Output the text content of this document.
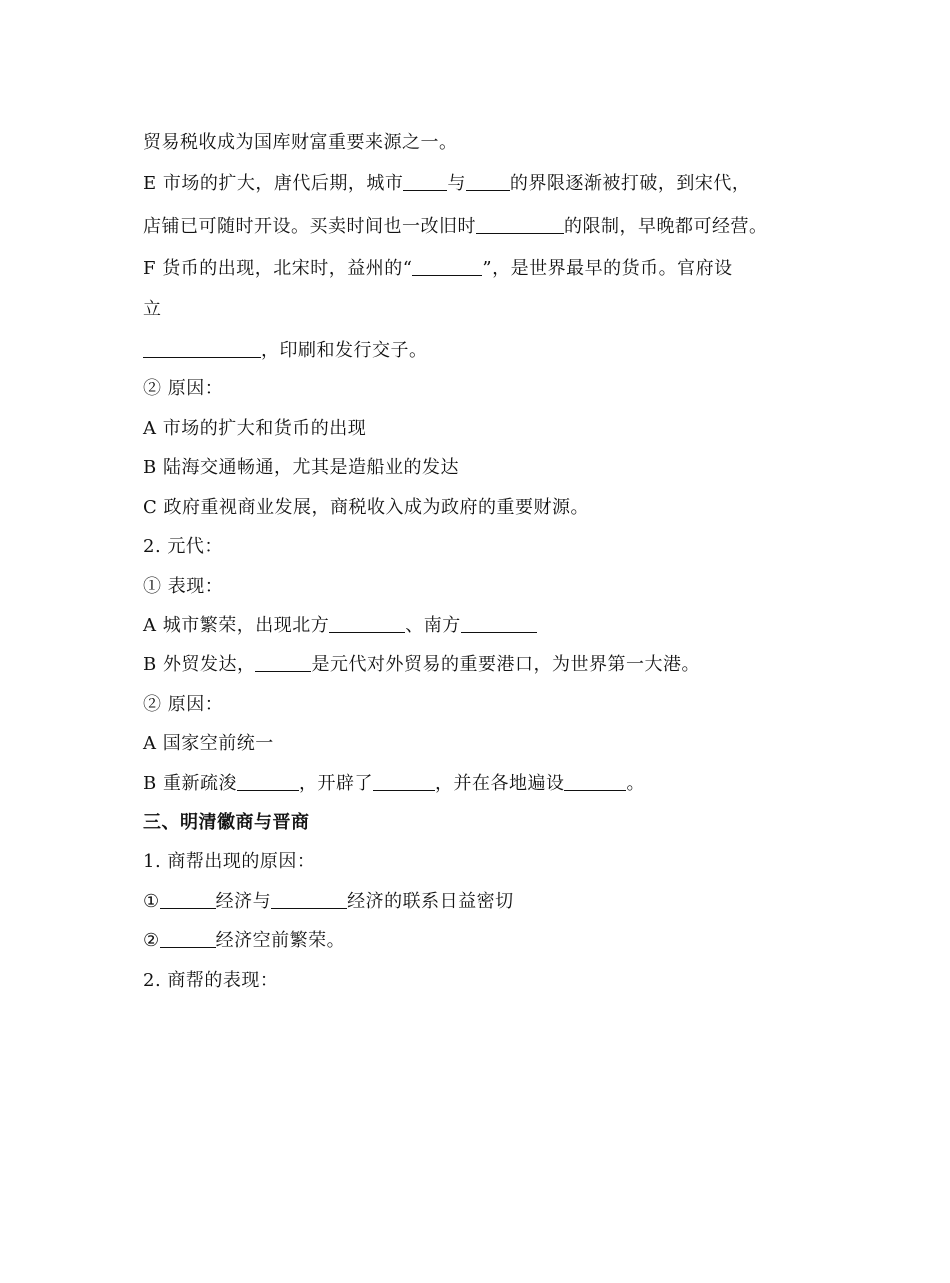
贸易税收成为国库财富重要来源之一。
E 市场的扩大，唐代后期，城市 与 的界限逐渐被打破，到宋代，
店铺已可随时开设。买卖时间也一改旧时	的限制，早晚都可经营。
F 货币的出现，北宋时，益州的“	”，是世界最早的货币。官府设
立
，印刷和发行交子。
② 原因：
A 市场的扩大和货币的出现
B 陆海交通畅通，尤其是造船业的发达
C 政府重视商业发展，商税收入成为政府的重要财源。
2. 元代：
① 表现：
A 城市繁荣，出现北方	、南方
B 外贸发达，	是元代对外贸易的重要港口，为世界第一大港。
② 原因：
A 国家空前统一
B 重新疏浚	，开辟了	，并在各地遍设	。
三、明清徽商与晋商
1. 商帮出现的原因：
①	经济与	经济的联系日益密切
②	经济空前繁荣。
2. 商帮的表现：
